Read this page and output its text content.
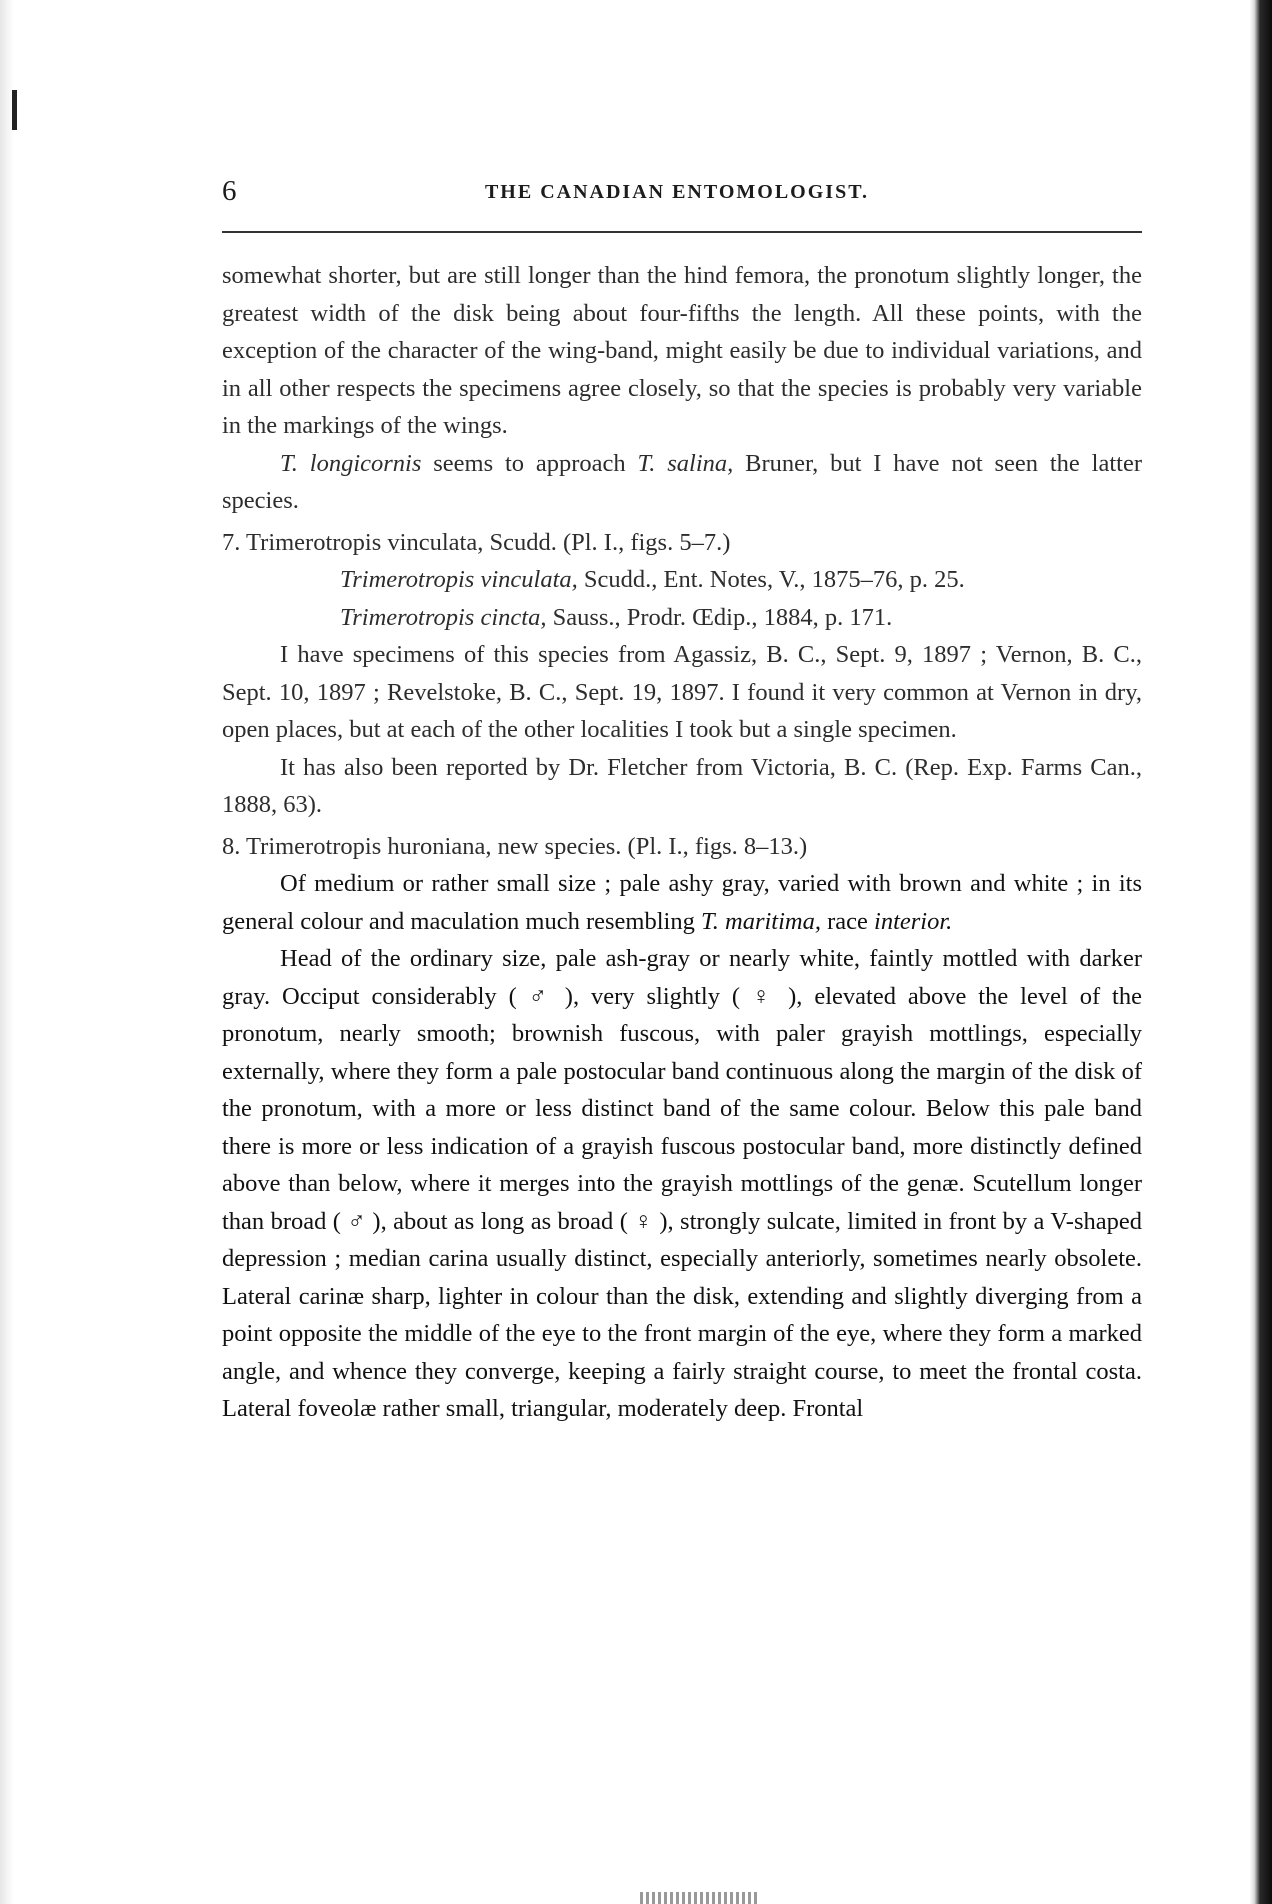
6	THE CANADIAN ENTOMOLOGIST.

somewhat shorter, but are still longer than the hind femora, the pronotum slightly longer, the greatest width of the disk being about four-fifths the length. All these points, with the exception of the character of the wing-band, might easily be due to individual variations, and in all other respects the specimens agree closely, so that the species is probably very variable in the markings of the wings.

T. longicornis seems to approach T. salina, Bruner, but I have not seen the latter species.

7. Trimerotropis vinculata, Scudd. (Pl. I., figs. 5–7.)

Trimerotropis vinculata, Scudd., Ent. Notes, V., 1875–76, p. 25.

Trimerotropis cincta, Sauss., Prodr. Œdip., 1884, p. 171.

I have specimens of this species from Agassiz, B. C., Sept. 9, 1897 ; Vernon, B. C., Sept. 10, 1897 ; Revelstoke, B. C., Sept. 19, 1897. I found it very common at Vernon in dry, open places, but at each of the other localities I took but a single specimen.

It has also been reported by Dr. Fletcher from Victoria, B. C. (Rep. Exp. Farms Can., 1888, 63).

8. Trimerotropis huroniana, new species. (Pl. I., figs. 8–13.)

Of medium or rather small size ; pale ashy gray, varied with brown and white ; in its general colour and maculation much resembling T. maritima, race interior.

Head of the ordinary size, pale ash-gray or nearly white, faintly mottled with darker gray. Occiput considerably ( ♂ ), very slightly ( ♀ ), elevated above the level of the pronotum, nearly smooth; brownish fuscous, with paler grayish mottlings, especially externally, where they form a pale postocular band continuous along the margin of the disk of the pronotum, with a more or less distinct band of the same colour. Below this pale band there is more or less indication of a grayish fuscous postocular band, more distinctly defined above than below, where it merges into the grayish mottlings of the genæ. Scutellum longer than broad ( ♂ ), about as long as broad ( ♀ ), strongly sulcate, limited in front by a V-shaped depression ; median carina usually distinct, especially anteriorly, sometimes nearly obsolete. Lateral carinæ sharp, lighter in colour than the disk, extending and slightly diverging from a point opposite the middle of the eye to the front margin of the eye, where they form a marked angle, and whence they converge, keeping a fairly straight course, to meet the frontal costa. Lateral foveolæ rather small, triangular, moderately deep. Frontal
